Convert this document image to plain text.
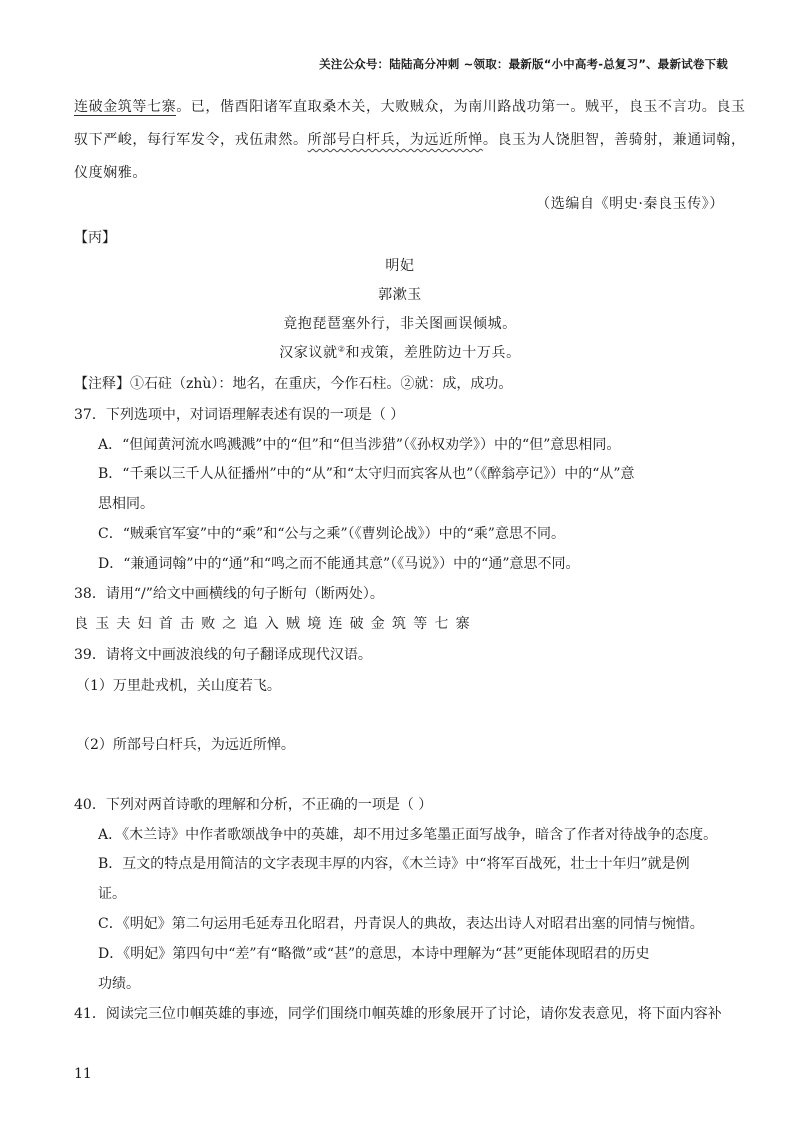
关注公众号：陆陆高分冲刺 ~领取：最新版“小中高考-总复习”、最新试卷下载
连破金筑等七寨。已，偕酉阳诸军直取桑木关，大败贼众，为南川路战功第一。贼平，良玉不言功。良玉
驭下严峻，每行军发令，戎伍肃然。所部号白杆兵，为远近所惮。良玉为人饶胆智，善骑射，兼通词翰，
仪度娴雅。
（选编自《明史·秦良玉传》）
【丙】
明妃
郭漱玉
竟抱琵琶塞外行，非关图画误倾城。
汉家议就②和戎策，差胜防边十万兵。
【注释】①石砫（zhù）：地名，在重庆，今作石柱。②就：成，成功。
37．下列选项中，对词语理解表述有误的一项是（ ）
A．“但闻黄河流水鸣溅溅”中的“但”和“但当涉猎”（《孙权劝学》）中的“但”意思相同。
B．“千乘以三千人从征播州”中的“从”和“太守归而宾客从也”（《醉翁亭记》）中的“从”意
思相同。
C．“贼乘官军宴”中的“乘”和“公与之乘”（《曹刿论战》）中的“乘”意思不同。
D．“兼通词翰”中的“通”和“鸣之而不能通其意”（《马说》）中的“通”意思不同。
38．请用“/”给文中画横线的句子断句（断两处）。
良玉夫妇首击败之追入贼境连破金筑等七寨
39．请将文中画波浪线的句子翻译成现代汉语。
（1）万里赴戎机，关山度若飞。
（2）所部号白杆兵，为远近所惮。
40．下列对两首诗歌的理解和分析，不正确的一项是（ ）
A．《木兰诗》中作者歌颂战争中的英雄，却不用过多笔墨正面写战争，暗含了作者对待战争的态度。
B．互文的特点是用简洁的文字表现丰厚的内容，《木兰诗》中“将军百战死，壮士十年归”就是例
证。
C．《明妃》第二句运用毛延寿丑化昭君，丹青误人的典故，表达出诗人对昭君出塞的同情与惋惜。
D．《明妃》第四句中“差”有“略微”或“甚”的意思，本诗中理解为“甚”更能体现昭君的历史
功绩。
41．阅读完三位巾帼英雄的事迹，同学们围绕巾帼英雄的形象展开了讨论，请你发表意见，将下面内容补
11
